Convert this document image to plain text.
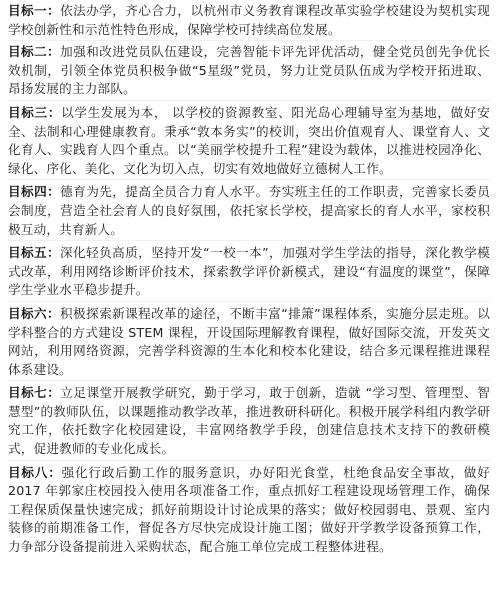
目标一：依法办学，齐心合力，以杭州市义务教育课程改革实验学校建设为契机实现学校创新性和示范性特色形成，保障学校可持续高位发展。

目标二：加强和改进党员队伍建设，完善智能卡评先评优活动，健全党员创先争优长效机制，引领全体党员积极争做“5星级”党员，努力让党员队伍成为学校开拓进取、昂扬发展的主力部队。

目标三：以学生发展为本， 以学校的资源教室、阳光岛心理辅导室为基地，做好安全、法制和心理健康教育。秉承“敦本务实”的校训，突出价值观育人、课堂育人、文化育人、实践育人四个重点。以“美丽学校提升工程”建设为载体，以推进校园净化、绿化、序化、美化、文化为切入点，切实有效地做好立德树人工作。

目标四：德育为先，提高全员合力育人水平。夯实班主任的工作职责，完善家长委员会制度，营造全社会育人的良好氛围，依托家长学校，提高家长的育人水平，家校积极互动，共育新人。

目标五：深化轻负高质，坚持开发“一校一本”，加强对学生学法的指导，深化教学模式改革，利用网络诊断评价技术，探索教学评价新模式，建设“有温度的课堂”，保障学生学业水平稳步提升。

目标六：积极探索新课程改革的途径，不断丰富“排箫”课程体系，实施分层走班。以学科整合的方式建设 STEM 课程，开设国际理解教育课程，做好国际交流，开发英文网站，利用网络资源，完善学科资源的生本化和校本化建设，结合多元课程推进课程体系建设。

目标七：立足课堂开展教学研究，勤于学习，敢于创新，造就 “学习型、管理型、智慧型”的教师队伍，以课题推动教学改革，推进教研科研化。积极开展学科组内教学研究工作，依托数字化校园建设，丰富网络教学手段，创建信息技术支持下的教研模式，促进教师的专业化成长。

目标八：强化行政后勤工作的服务意识，办好阳光食堂，杜绝食品安全事故，做好 2017 年郭家庄校园投入使用各项准备工作，重点抓好工程建设现场管理工作，确保工程保质保量快速完成；抓好前期设计讨论成果的落实；做好校园弱电、景观、室内装修的前期准备工作，督促各方尽快完成设计施工图；做好开学教学设备预算工作，力争部分设备提前进入采购状态，配合施工单位完成工程整体进程。
